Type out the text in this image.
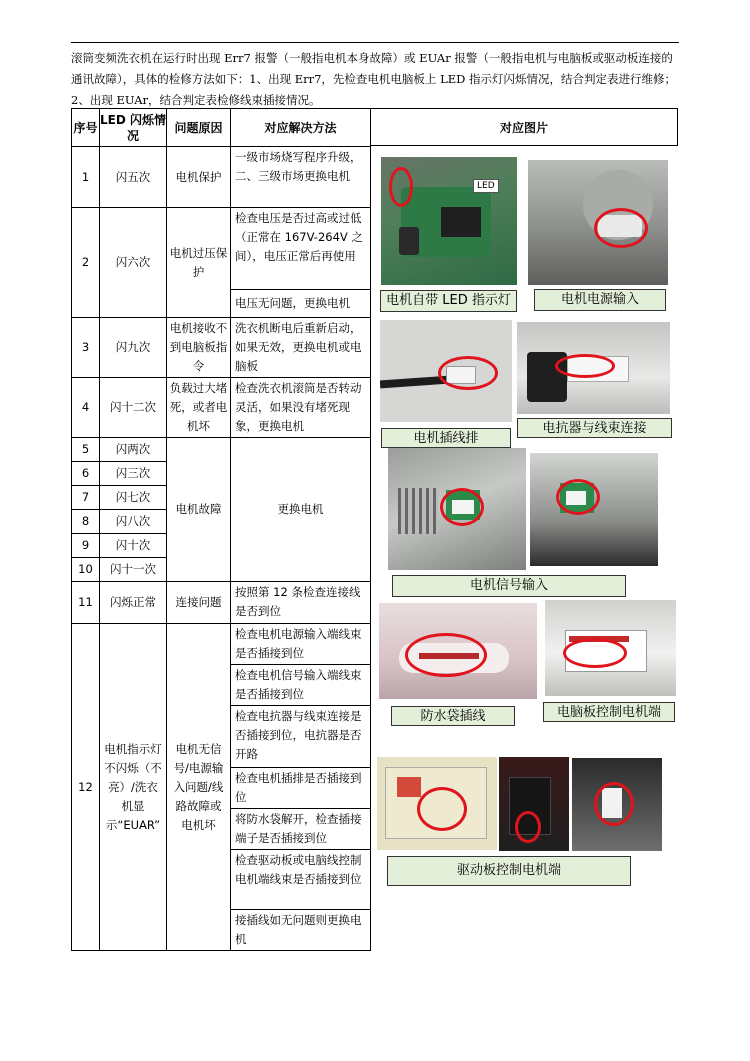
滚筒变频洗衣机在运行时出现 Err7 报警（一般指电机本身故障）或 EUAr 报警（一般指电机与电脑板或驱动板连接的通讯故障），具体的检修方法如下：1、出现 Err7，先检查电机电脑板上 LED 指示灯闪烁情况，结合判定表进行维修；2、出现 EUAr，结合判定表检修线束插接情况。
序号	LED 闪烁情况	问题原因	对应解决方法
1	闪五次	电机保护	一级市场烧写程序升级，二、三级市场更换电机
2	闪六次	电机过压保护	检查电压是否过高或过低（正常在 167V-264V 之间），电压正常后再使用
			电压无问题，更换电机
3	闪九次	电机接收不到电脑板指令	洗衣机断电后重新启动，如果无效，更换电机或电脑板
4	闪十二次	负载过大堵死，或者电机坏	检查洗衣机滚筒是否转动灵活，如果没有堵死现象，更换电机
5	闪两次	电机故障	更换电机
6	闪三次		
7	闪七次		
8	闪八次		
9	闪十次		
10	闪十一次		
11	闪烁正常	连接问题	按照第 12 条检查连接线是否到位
12	电机指示灯不闪烁（不亮）/洗衣机显示“EUAR”	电机无信号/电源输入问题/线路故障或电机坏	检查电机电源输入端线束是否插接到位
			检查电机信号输入端线束是否插接到位
			检查电抗器与线束连接是否插接到位，电抗器是否开路
			检查电机插排是否插接到位
			将防水袋解开，检查插接端子是否插接到位
			检查驱动板或电脑线控制电机端线束是否插接到位
			接插线如无问题则更换电机
对应图片
LED
电机自带 LED 指示灯	电机电源输入
电机插线排
电抗器与线束连接
电机信号输入
防水袋插线	电脑板控制电机端
驱动板控制电机端
